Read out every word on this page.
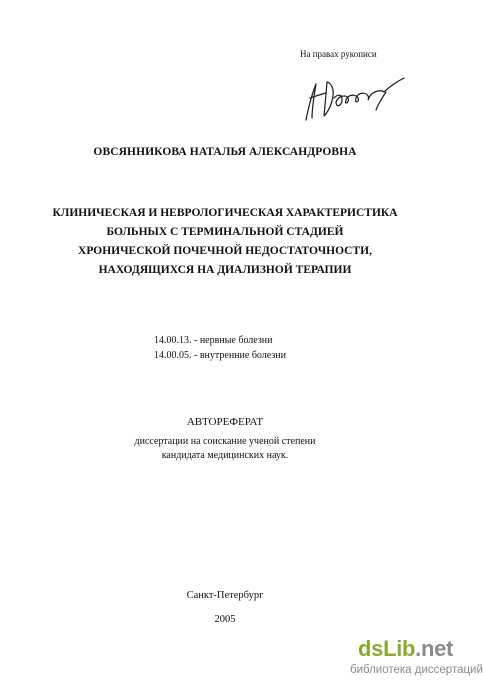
На правах рукописи
ОВСЯННИКОВА НАТАЛЬЯ АЛЕКСАНДРОВНА
КЛИНИЧЕСКАЯ И НЕВРОЛОГИЧЕСКАЯ ХАРАКТЕРИСТИКА
БОЛЬНЫХ С ТЕРМИНАЛЬНОЙ СТАДИЕЙ
ХРОНИЧЕСКОЙ ПОЧЕЧНОЙ НЕДОСТАТОЧНОСТИ,
НАХОДЯЩИХСЯ НА ДИАЛИЗНОЙ ТЕРАПИИ
14.00.13. - нервные болезни
14.00.05. - внутренние болезни
АВТОРЕФЕРАТ
диссертации на соискание ученой степени
кандидата медицинских наук.
Санкт-Петербург
2005
dsLib.net
библиотека диссертаций
